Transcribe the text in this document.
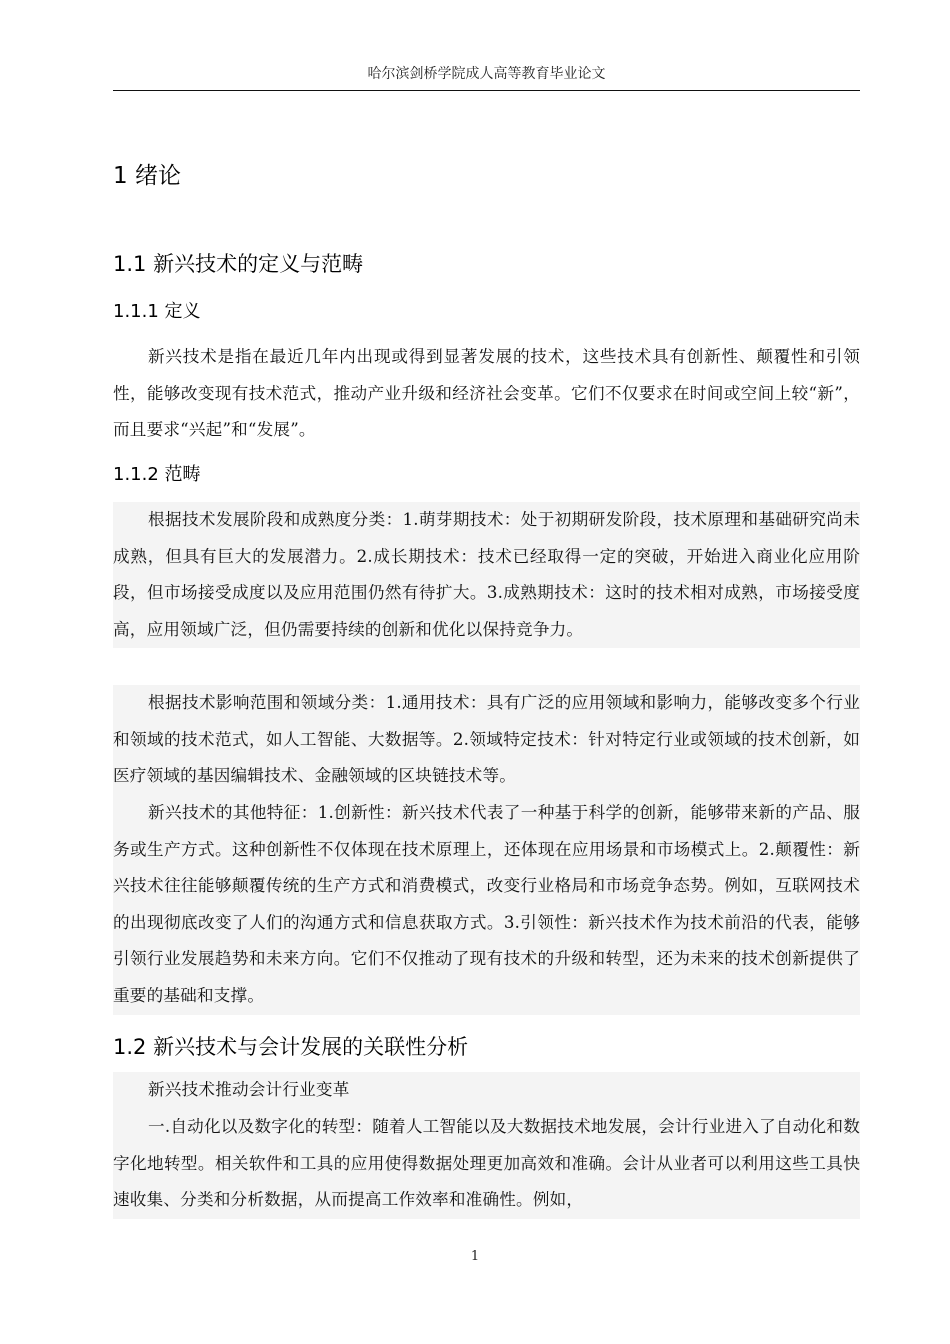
哈尔滨剑桥学院成人高等教育毕业论文
1 绪论
1.1 新兴技术的定义与范畴
1.1.1 定义

新兴技术是指在最近几年内出现或得到显著发展的技术，这些技术具有创新性、颠覆性和引领性，能够改变现有技术范式，推动产业升级和经济社会变革。它们不仅要求在时间或空间上较“新”，而且要求“兴起”和“发展”。

1.1.2 范畴

根据技术发展阶段和成熟度分类：1.萌芽期技术：处于初期研发阶段，技术原理和基础研究尚未成熟，但具有巨大的发展潜力。2.成长期技术：技术已经取得一定的突破，开始进入商业化应用阶段，但市场接受成度以及应用范围仍然有待扩大。3.成熟期技术：这时的技术相对成熟，市场接受度高，应用领域广泛，但仍需要持续的创新和优化以保持竞争力。

根据技术影响范围和领域分类：1.通用技术：具有广泛的应用领域和影响力，能够改变多个行业和领域的技术范式，如人工智能、大数据等。2.领域特定技术：针对特定行业或领域的技术创新，如医疗领域的基因编辑技术、金融领域的区块链技术等。

新兴技术的其他特征：1.创新性：新兴技术代表了一种基于科学的创新，能够带来新的产品、服务或生产方式。这种创新性不仅体现在技术原理上，还体现在应用场景和市场模式上。2.颠覆性：新兴技术往往能够颠覆传统的生产方式和消费模式，改变行业格局和市场竞争态势。例如，互联网技术的出现彻底改变了人们的沟通方式和信息获取方式。3.引领性：新兴技术作为技术前沿的代表，能够引领行业发展趋势和未来方向。它们不仅推动了现有技术的升级和转型，还为未来的技术创新提供了重要的基础和支撑。

1.2 新兴技术与会计发展的关联性分析

新兴技术推动会计行业变革

一.自动化以及数字化的转型：随着人工智能以及大数据技术地发展，会计行业进入了自动化和数字化地转型。相关软件和工具的应用使得数据处理更加高效和准确。会计从业者可以利用这些工具快速收集、分类和分析数据，从而提高工作效率和准确性。例如，

1
